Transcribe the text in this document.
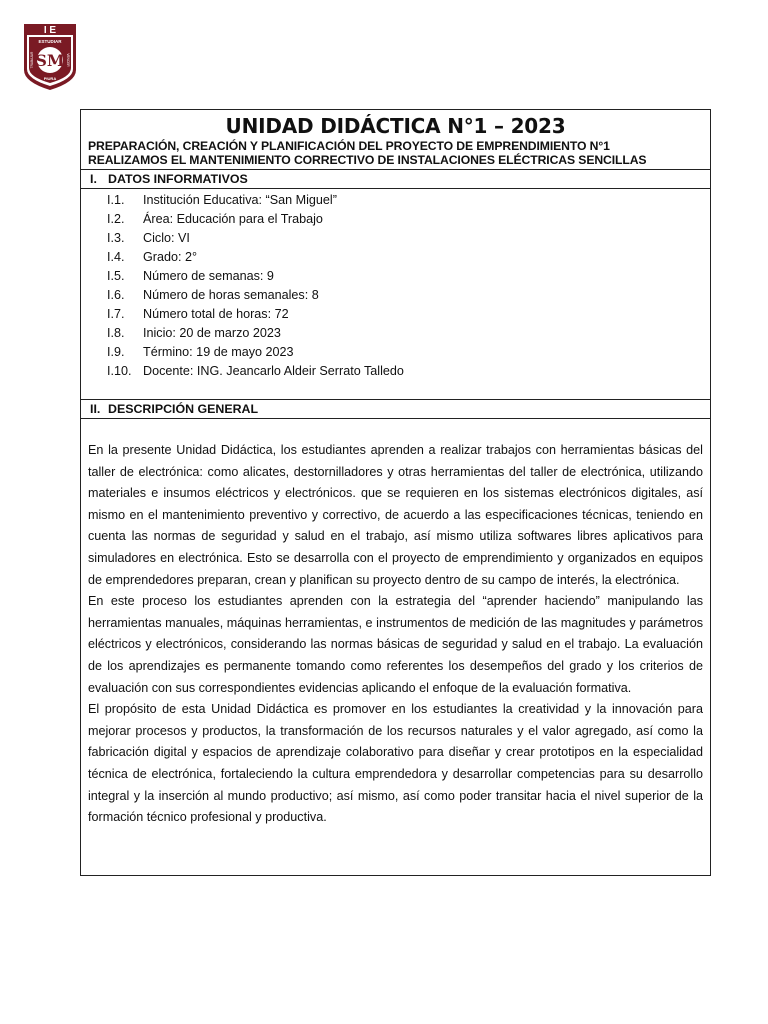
I E
ESTUDIAR
SM
TRABAJAR	VENCER
PIURA
UNIDAD DIDÁCTICA N°1 – 2023
PREPARACIÓN, CREACIÓN Y PLANIFICACIÓN DEL PROYECTO DE EMPRENDIMIENTO N°1
REALIZAMOS EL MANTENIMIENTO CORRECTIVO DE INSTALACIONES ELÉCTRICAS SENCILLAS
I. DATOS INFORMATIVOS
I.1. Institución Educativa: “San Miguel”
I.2. Área: Educación para el Trabajo
I.3. Ciclo: VI
I.4. Grado: 2°
I.5. Número de semanas: 9
I.6. Número de horas semanales: 8
I.7. Número total de horas: 72
I.8. Inicio: 20 de marzo 2023
I.9. Término: 19 de mayo 2023
I.10. Docente: ING. Jeancarlo Aldeir Serrato Talledo
II. DESCRIPCIÓN GENERAL

En la presente Unidad Didáctica, los estudiantes aprenden a realizar trabajos con herramientas básicas del taller de electrónica: como alicates, destornilladores y otras herramientas del taller de electrónica, utilizando materiales e insumos eléctricos y electrónicos. que se requieren en los sistemas electrónicos digitales, así mismo en el mantenimiento preventivo y correctivo, de acuerdo a las especificaciones técnicas, teniendo en cuenta las normas de seguridad y salud en el trabajo, así mismo utiliza softwares libres aplicativos para simuladores en electrónica. Esto se desarrolla con el proyecto de emprendimiento y organizados en equipos de emprendedores preparan, crean y planifican su proyecto dentro de su campo de interés, la electrónica.

En este proceso los estudiantes aprenden con la estrategia del “aprender haciendo” manipulando las herramientas manuales, máquinas herramientas, e instrumentos de medición de las magnitudes y parámetros eléctricos y electrónicos, considerando las normas básicas de seguridad y salud en el trabajo. La evaluación de los aprendizajes es permanente tomando como referentes los desempeños del grado y los criterios de evaluación con sus correspondientes evidencias aplicando el enfoque de la evaluación formativa.

El propósito de esta Unidad Didáctica es promover en los estudiantes la creatividad y la innovación para mejorar procesos y productos, la transformación de los recursos naturales y el valor agregado, así como la fabricación digital y espacios de aprendizaje colaborativo para diseñar y crear prototipos en la especialidad técnica de electrónica, fortaleciendo la cultura emprendedora y desarrollar competencias para su desarrollo integral y la inserción al mundo productivo; así mismo, así como poder transitar hacia el nivel superior de la formación técnico profesional y productiva.
